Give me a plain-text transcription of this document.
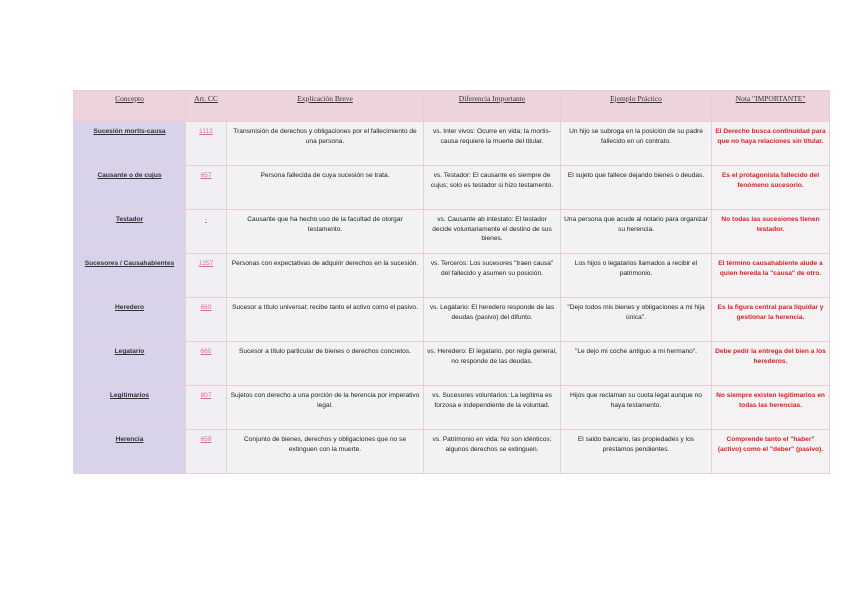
Concepto	Art. CC	Explicación Breve	Diferencia Importante	Ejemplo Práctico	Nota "IMPORTANTE"
Sucesión mortis-causa	1112	Transmisión de derechos y obligaciones por el fallecimiento de una persona.	vs. Inter vivos: Ocurre en vida; la mortis-causa requiere la muerte del titular.	Un hijo se subroga en la posición de su padre fallecido en un contrato.	El Derecho busca continuidad para que no haya relaciones sin titular.
Causante o de cujus	657	Persona fallecida de cuya sucesión se trata.	vs. Testador: El causante es siempre de cujus; solo es testador si hizo testamento.	El sujeto que fallece dejando bienes o deudas.	Es el protagonista fallecido del fenómeno sucesorio.
Testador	-	Causante que ha hecho uso de la facultad de otorgar testamento.	vs. Causante ab intestato: El testador decide voluntariamente el destino de sus bienes.	Una persona que acude al notario para organizar su herencia.	No todas las sucesiones tienen testador.
Sucesores / Causahabientes	1257	Personas con expectativas de adquirir derechos en la sucesión.	vs. Terceros: Los sucesores "traen causa" del fallecido y asumen su posición.	Los hijos o legatarios llamados a recibir el patrimonio.	El término causahabiente alude a quien hereda la "causa" de otro.
Heredero	660	Sucesor a título universal; recibe tanto el activo como el pasivo.	vs. Legatario: El heredero responde de las deudas (pasivo) del difunto.	"Dejo todos mis bienes y obligaciones a mi hija única".	Es la figura central para liquidar y gestionar la herencia.
Legatario	660	Sucesor a título particular de bienes o derechos concretos.	vs. Heredero: El legatario, por regla general, no responde de las deudas.	"Le dejo mi coche antiguo a mi hermano".	Debe pedir la entrega del bien a los herederos.
Legitimarios	807	Sujetos con derecho a una porción de la herencia por imperativo legal.	vs. Sucesores voluntarios: La legítima es forzosa e independiente de la voluntad.	Hijos que reclaman su cuota legal aunque no haya testamento.	No siempre existen legitimarios en todas las herencias.
Herencia	659	Conjunto de bienes, derechos y obligaciones que no se extinguen con la muerte.	vs. Patrimonio en vida: No son idénticos; algunos derechos se extinguen.	El saldo bancario, las propiedades y los préstamos pendientes.	Comprende tanto el "haber" (activo) como el "deber" (pasivo).
